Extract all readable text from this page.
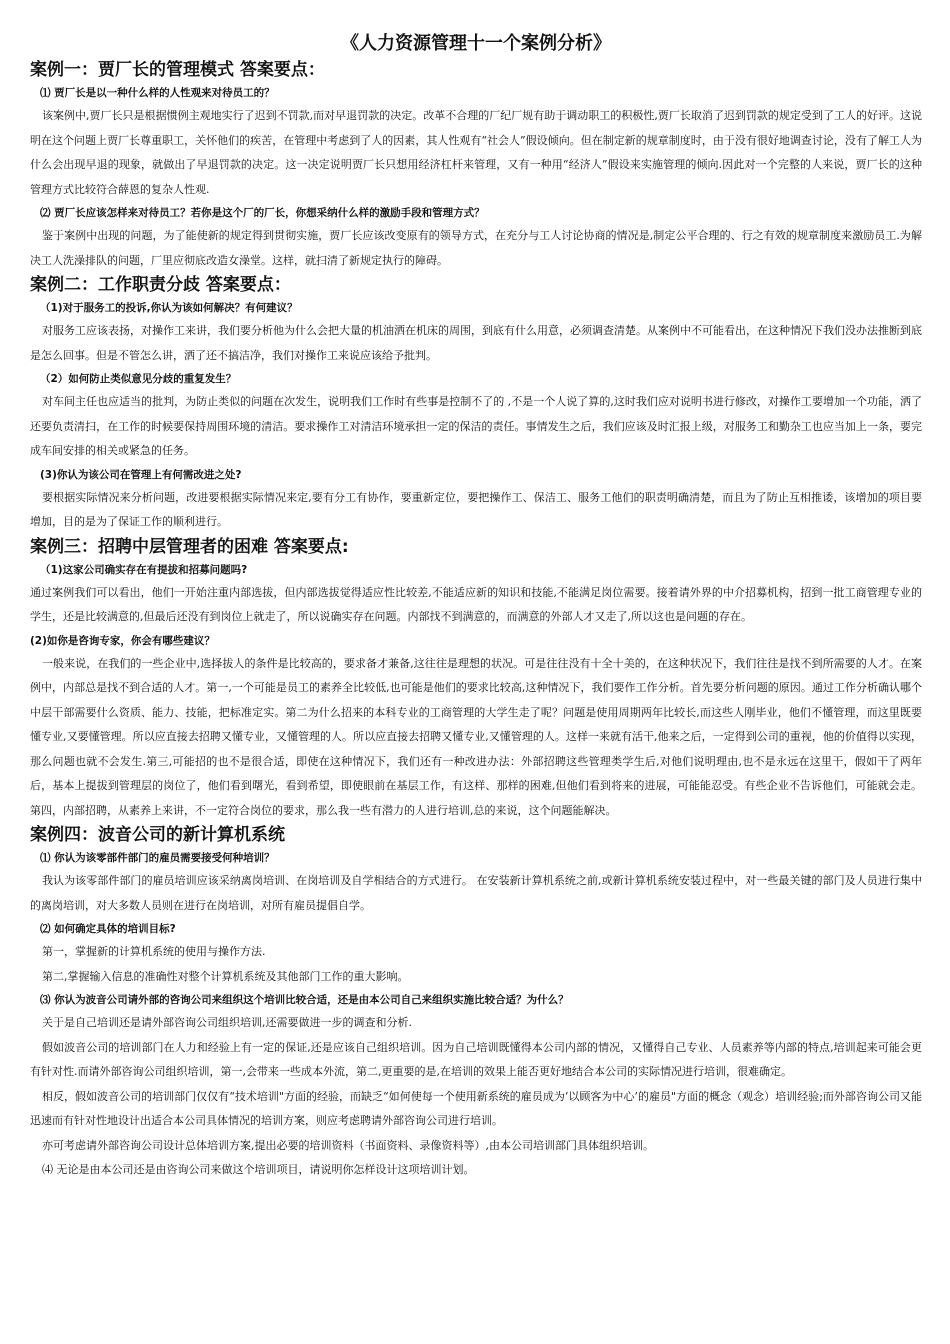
《人力资源管理十一个案例分析》
案例一：贾厂长的管理模式 答案要点：
⑴ 贾厂长是以一种什么样的人性观来对待员工的？
该案例中,贾厂长只是根据惯例主观地实行了迟到不罚款,而对早退罚款的决定。改革不合理的厂纪厂规有助于调动职工的积极性,贾厂长取消了迟到罚款的规定受到了工人的好评。这说明在这个问题上贾厂长尊重职工，关怀他们的疾苦，在管理中考虑到了人的因素，其人性观有“社会人”假设倾向。但在制定新的规章制度时，由于没有很好地调查讨论，没有了解工人为什么会出现早退的现象，就做出了早退罚款的决定。这一决定说明贾厂长只想用经济杠杆来管理，又有一种用“经济人”假设来实施管理的倾向.因此对一个完整的人来说，贾厂长的这种管理方式比较符合薛恩的复杂人性观.
⑵ 贾厂长应该怎样来对待员工？若你是这个厂的厂长，你想采纳什么样的激励手段和管理方式？
鉴于案例中出现的问题，为了能使新的规定得到贯彻实施，贾厂长应该改变原有的领导方式，在充分与工人讨论协商的情况是,制定公平合理的、行之有效的规章制度来激励员工.为解决工人洗澡排队的问题，厂里应彻底改造女澡堂。这样，就扫清了新规定执行的障碍。
案例二：工作职责分歧 答案要点：
（1)对于服务工的投诉,你认为该如何解决？有何建议？
对服务工应该表扬，对操作工来讲，我们要分析他为什么会把大量的机油洒在机床的周围，到底有什么用意，必须调查清楚。从案例中不可能看出，在这种情况下我们没办法推断到底是怎么回事。但是不管怎么讲，洒了还不搞洁净，我们对操作工来说应该给予批判。
（2）如何防止类似意见分歧的重复发生？
对车间主任也应适当的批判，为防止类似的问题在次发生，说明我们工作时有些事是控制不了的 ,不是一个人说了算的,这时我们应对说明书进行修改，对操作工要增加一个功能，洒了还要负责清扫，在工作的时候要保持周围环境的清洁。要求操作工对清洁环境承担一定的保洁的责任。事情发生之后，我们应该及时汇报上级，对服务工和勤杂工也应当加上一条，要完成车间安排的相关或紧急的任务。
(3)你认为该公司在管理上有何需改进之处?
要根据实际情况来分析问题，改进要根据实际情况来定,要有分工有协作，要重新定位，要把操作工、保洁工、服务工他们的职责明确清楚，而且为了防止互相推诿，该增加的项目要增加，目的是为了保证工作的顺利进行。
案例三：招聘中层管理者的困难 答案要点:
（1)这家公司确实存在有提拔和招募问题吗?
通过案例我们可以看出，他们一开始注重内部选拔，但内部选拔觉得适应性比较差,不能适应新的知识和技能,不能满足岗位需要。接着请外界的中介招募机构，招到一批工商管理专业的学生，还是比较满意的,但最后还没有到岗位上就走了，所以说确实存在问题。内部找不到满意的，而满意的外部人才又走了,所以这也是问题的存在。
(2)如你是咨询专家，你会有哪些建议？
一般来说，在我们的一些企业中,选择拔人的条件是比较高的，要求备才兼备,这往往是理想的状况。可是往往没有十全十美的，在这种状况下，我们往往是找不到所需要的人才。在案例中，内部总是找不到合适的人才。第一,一个可能是员工的素养全比较低,也可能是他们的要求比较高,这种情况下，我们要作工作分析。首先要分析问题的原因。通过工作分析确认哪个中层干部需要什么资质、能力、技能，把标准定实。第二为什么招来的本科专业的工商管理的大学生走了呢？问题是使用周期两年比较长,而这些人刚毕业，他们不懂管理，而这里既要懂专业,又要懂管理。所以应直接去招聘又懂专业，又懂管理的人。所以应直接去招聘又懂专业,又懂管理的人。这样一来就有活干,他来之后，一定得到公司的重视，他的价值得以实现，那么问题也就不会发生.第三,可能招的也不是很合适，即使在这种情况下，我们还有一种改进办法：外部招聘这些管理类学生后,对他们说明理由,也不是永远在这里干，假如干了两年后，基本上提拔到管理层的岗位了，他们看到曙光，看到希望，即使眼前在基层工作，有这样、那样的困难,但他们看到将来的进展，可能能忍受。有些企业不告诉他们，可能就会走。第四，内部招聘，从素养上来讲，不一定符合岗位的要求，那么我一些有潜力的人进行培训,总的来说，这个问题能解决。
案例四：波音公司的新计算机系统
⑴ 你认为该零部件部门的雇员需要接受何种培训？
我认为该零部件部门的雇员培训应该采纳离岗培训、在岗培训及自学相结合的方式进行。 在安装新计算机系统之前,或新计算机系统安装过程中，对一些最关键的部门及人员进行集中的离岗培训，对大多数人员则在进行在岗培训，对所有雇员提倡自学。
⑵ 如何确定具体的培训目标?
第一，掌握新的计算机系统的使用与操作方法.
第二,掌握输入信息的准确性对整个计算机系统及其他部门工作的重大影响。
⑶ 你认为波音公司请外部的咨询公司来组织这个培训比较合适，还是由本公司自己来组织实施比较合适？为什么？
关于是自己培训还是请外部咨询公司组织培训,还需要做进一步的调查和分析.
假如波音公司的培训部门在人力和经验上有一定的保证,还是应该自己组织培训。因为自己培训既懂得本公司内部的情况，又懂得自己专业、人员素养等内部的特点,培训起来可能会更有针对性.而请外部咨询公司组织培训，第一,会带来一些成本外流，第二,更重要的是,在培训的效果上能否更好地结合本公司的实际情况进行培训，很难确定。
相反，假如波音公司的培训部门仅仅有“技术培训"方面的经验，而缺乏“如何使每一个使用新系统的雇员成为‘以顾客为中心’的雇员"方面的概念（观念）培训经验;而外部咨询公司又能迅速而有针对性地设计出适合本公司具体情况的培训方案，则应考虑聘请外部咨询公司进行培训。
亦可考虑请外部咨询公司设计总体培训方案,提出必要的培训资料（书面资料、录像资料等）,由本公司培训部门具体组织培训。
⑷ 无论是由本公司还是由咨询公司来做这个培训项目，请说明你怎样设计这项培训计划。
